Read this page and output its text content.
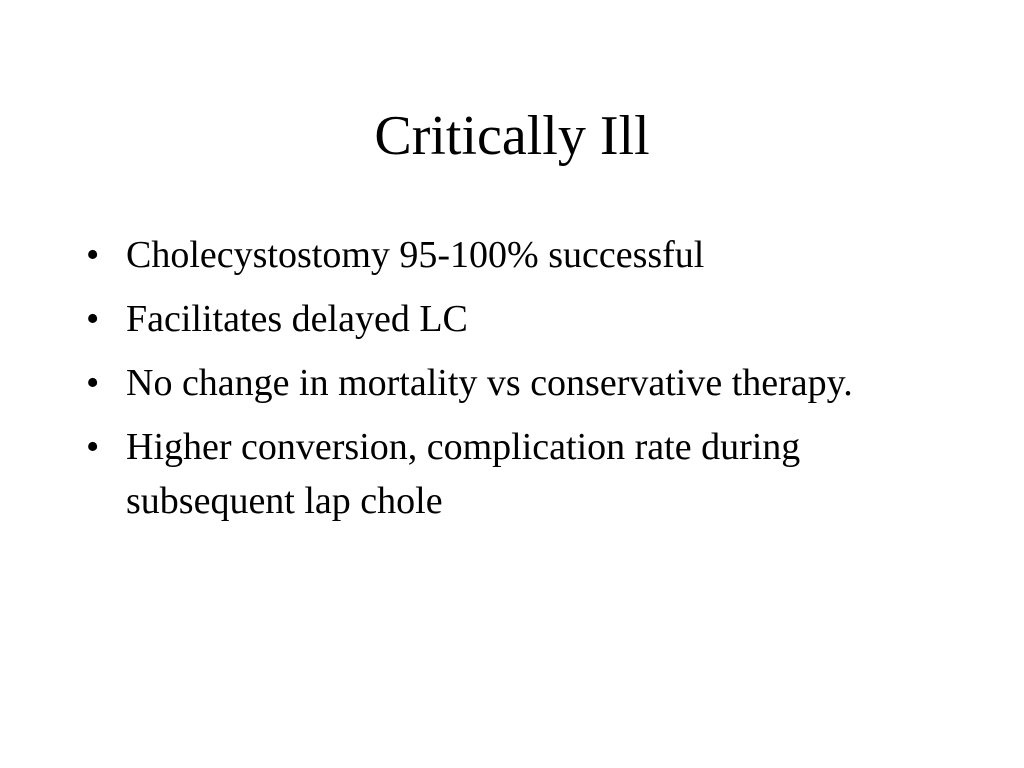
Critically Ill
• Cholecystostomy 95-100% successful
• Facilitates delayed LC
• No change in mortality vs conservative therapy.
• Higher conversion, complication rate during subsequent lap chole
